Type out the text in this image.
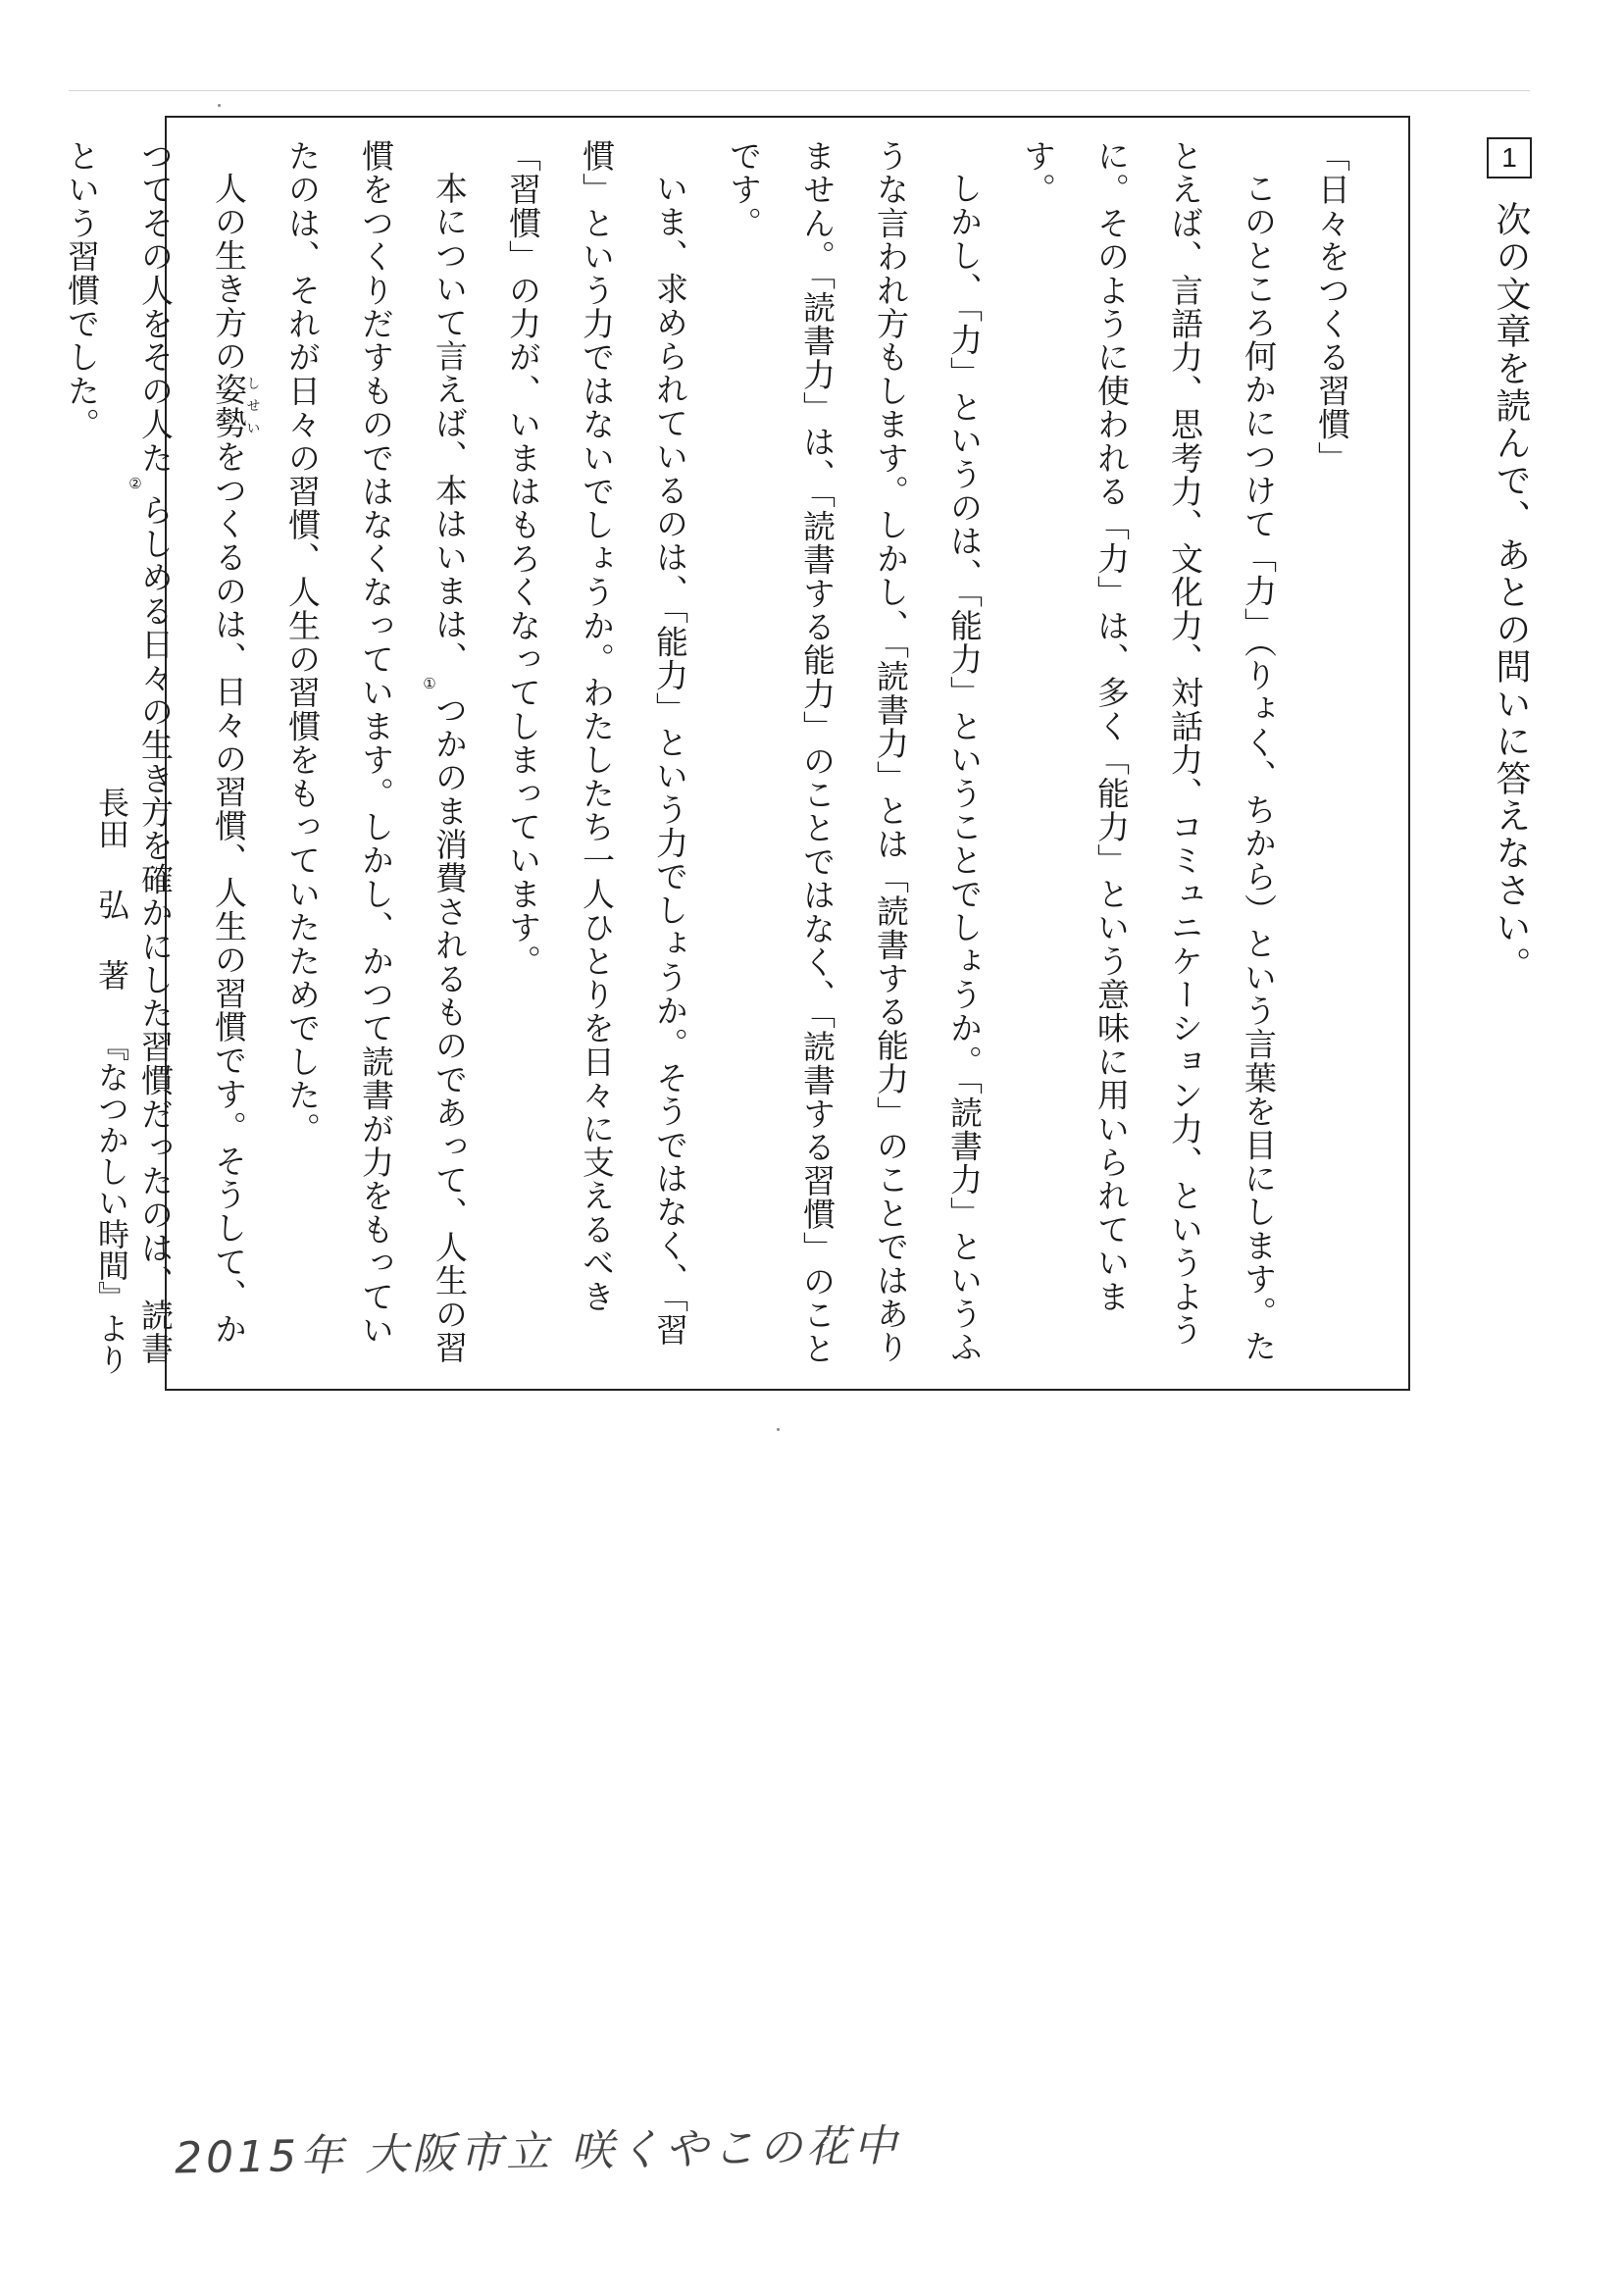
1
次の文章を読んで、あとの問いに答えなさい。

「日々をつくる習慣」

このところ何かにつけて「力」（りょく、ちから）という言葉を目にします。たとえば、言語力、思考力、文化力、対話力、コミュニケーション力、というように。そのように使われる「力」は、多く「能力」という意味に用いられています。

しかし、「力」というのは、「能力」ということでしょうか。「読書力」というふうな言われ方もします。しかし、「読書力」とは「読書する能力」のことではありません。「読書力」は、「読書する能力」のことではなく、「読書する習慣」のことです。

いま、求められているのは、「能力」という力でしょうか。そうではなく、「習慣」という力ではないでしょうか。わたしたち一人ひとりを日々に支えるべき「習慣」の力が、いまはもろくなってしまっています。

本について言えば、本はいまは、①つかのま消費されるものであって、人生の習慣をつくりだすものではなくなっています。しかし、かつて読書が力をもっていたのは、それが日々の習慣、人生の習慣をもっていたためでした。

人の生き方の姿勢しせいをつくるのは、日々の習慣、人生の習慣です。そうして、かつてその人をその人た②らしめる日々の生き方を確かにした習慣だったのは、読書という習慣でした。

長田弘著『なつかしい時間』より
2015年 大阪市立 咲くやこの花中
